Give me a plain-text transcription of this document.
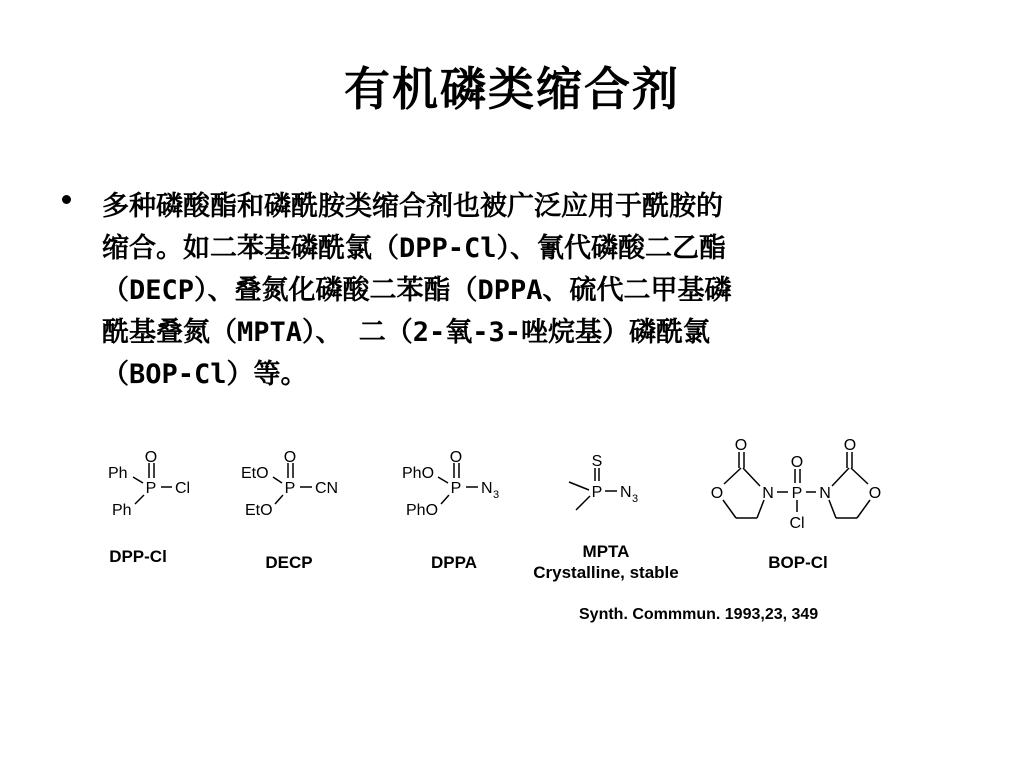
有机磷类缩合剂
多种磷酸酯和磷酰胺类缩合剂也被广泛应用于酰胺的
缩合。如二苯基磷酰氯（DPP-Cl）、氰代磷酸二乙酯
（DECP）、叠氮化磷酸二苯酯（DPPA、硫代二甲基磷
酰基叠氮（MPTA）、 二（2-氧-3-唑烷基）磷酰氯
（BOP-Cl）等。
O
P Cl
Ph
Ph
DPP-Cl
O
P CN
EtO
EtO
DECP
O
P N 3
PhO
PhO
DPPA
S
P N 3
MPTA
Crystalline, stable
O
O N
O
P N
Cl
O
O
BOP-Cl
Synth. Commmun. 1993,23, 349
